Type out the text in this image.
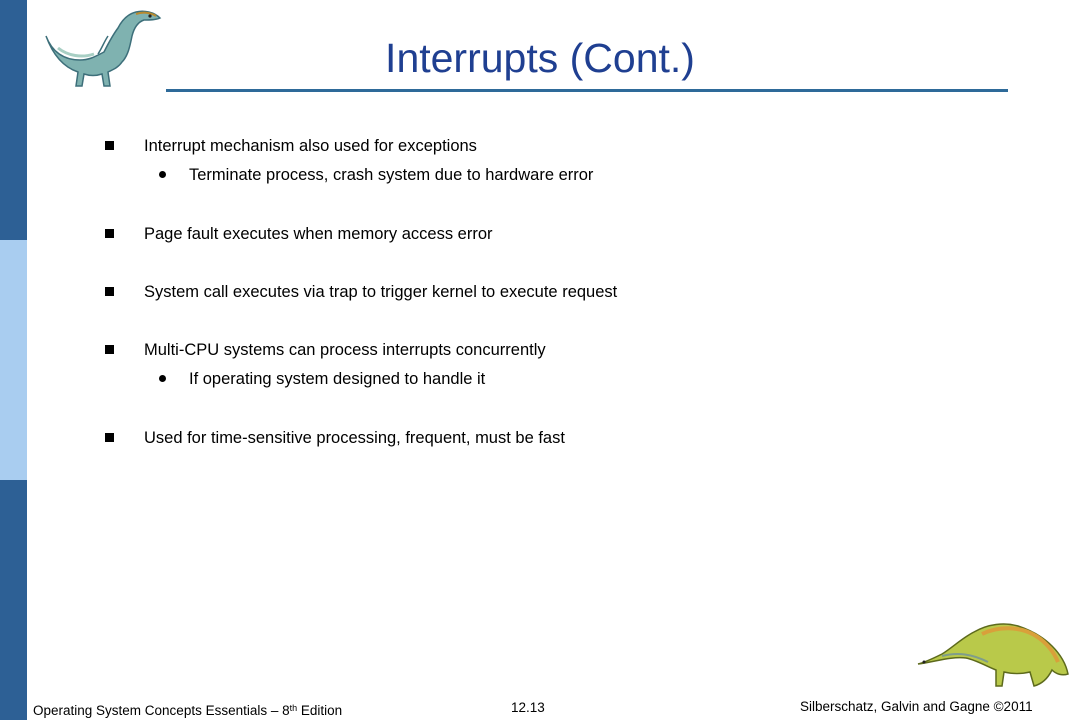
Interrupts (Cont.)
Interrupt mechanism also used for exceptions
Terminate process, crash system due to hardware error
Page fault executes when memory access error
System call executes via trap to trigger kernel to execute request
Multi-CPU systems can process interrupts concurrently
If operating system designed to handle it
Used for time-sensitive processing, frequent, must be fast
Operating System Concepts Essentials – 8th Edition	12.13	Silberschatz, Galvin and Gagne ©2011
